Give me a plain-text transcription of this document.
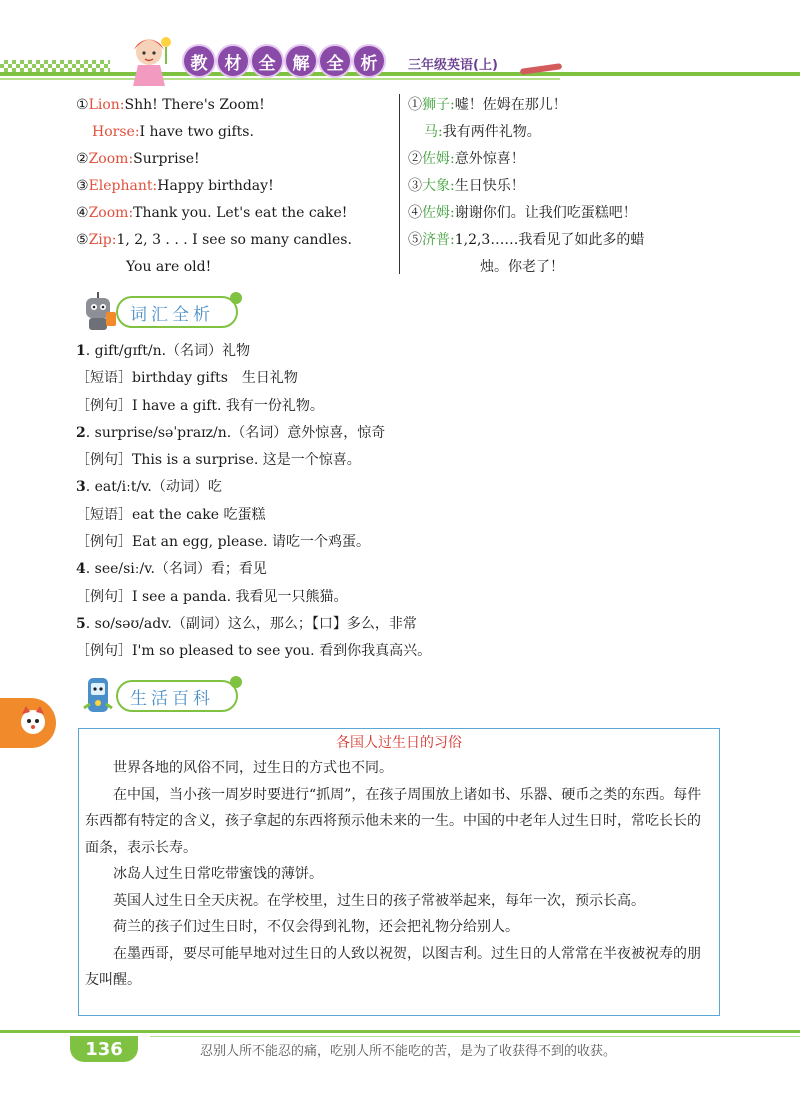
教	材	全	解	全	析	三年级英语(上)
①Lion:Shh! There's Zoom!
Horse:I have two gifts.
②Zoom:Surprise!
③Elephant:Happy birthday!
④Zoom:Thank you. Let's eat the cake!
⑤Zip:1, 2, 3 . . . I see so many candles.
You are old!
①狮子:嘘！佐姆在那儿！
马:我有两件礼物。
②佐姆:意外惊喜！
③大象:生日快乐！
④佐姆:谢谢你们。让我们吃蛋糕吧！
⑤济普:1,2,3……我看见了如此多的蜡
烛。你老了！
词汇全析
1. gift/ɡɪft/n.（名词）礼物
［短语］birthday gifts　生日礼物
［例句］I have a gift. 我有一份礼物。
2. surprise/səˈpraɪz/n.（名词）意外惊喜，惊奇
［例句］This is a surprise. 这是一个惊喜。
3. eat/iːt/v.（动词）吃
［短语］eat the cake 吃蛋糕
［例句］Eat an egg, please. 请吃一个鸡蛋。
4. see/siː/v.（名词）看；看见
［例句］I see a panda. 我看见一只熊猫。
5. so/səʊ/adv.（副词）这么，那么；【口】多么，非常
［例句］I'm so pleased to see you. 看到你我真高兴。
生活百科
各国人过生日的习俗

世界各地的风俗不同，过生日的方式也不同。

在中国，当小孩一周岁时要进行“抓周”，在孩子周围放上诸如书、乐器、硬币之类的东西。每件东西都有特定的含义，孩子拿起的东西将预示他未来的一生。中国的中老年人过生日时，常吃长长的面条，表示长寿。

冰岛人过生日常吃带蜜饯的薄饼。

英国人过生日全天庆祝。在学校里，过生日的孩子常被举起来，每年一次，预示长高。

荷兰的孩子们过生日时，不仅会得到礼物，还会把礼物分给别人。

在墨西哥，要尽可能早地对过生日的人致以祝贺，以图吉利。过生日的人常常在半夜被祝寿的朋友叫醒。

136	忍别人所不能忍的痛，吃别人所不能吃的苦，是为了收获得不到的收获。
